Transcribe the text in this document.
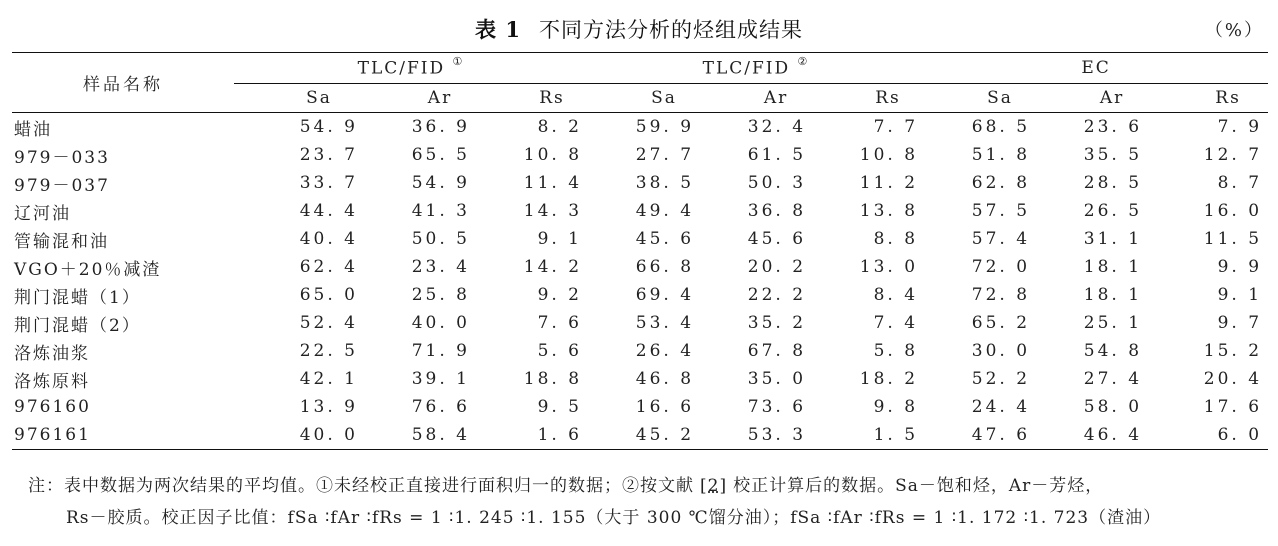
表 1 不同方法分析的烃组成结果	（%）
样品名称	TLC/FID ①			TLC/FID ②			EC		
	Sa	Ar	Rs	Sa	Ar	Rs	Sa	Ar	Rs
蜡油	54. 9	36. 9	8. 2	59. 9	32. 4	7. 7	68. 5	23. 6	7. 9
979－033	23. 7	65. 5	10. 8	27. 7	61. 5	10. 8	51. 8	35. 5	12. 7
979－037	33. 7	54. 9	11. 4	38. 5	50. 3	11. 2	62. 8	28. 5	8. 7
辽河油	44. 4	41. 3	14. 3	49. 4	36. 8	13. 8	57. 5	26. 5	16. 0
管输混和油	40. 4	50. 5	9. 1	45. 6	45. 6	8. 8	57. 4	31. 1	11. 5
VGO＋20％减渣	62. 4	23. 4	14. 2	66. 8	20. 2	13. 0	72. 0	18. 1	9. 9
荆门混蜡（1）	65. 0	25. 8	9. 2	69. 4	22. 2	8. 4	72. 8	18. 1	9. 1
荆门混蜡（2）	52. 4	40. 0	7. 6	53. 4	35. 2	7. 4	65. 2	25. 1	9. 7
洛炼油浆	22. 5	71. 9	5. 6	26. 4	67. 8	5. 8	30. 0	54. 8	15. 2
洛炼原料	42. 1	39. 1	18. 8	46. 8	35. 0	18. 2	52. 2	27. 4	20. 4
976160	13. 9	76. 6	9. 5	16. 6	73. 6	9. 8	24. 4	58. 0	17. 6
976161	40. 0	58. 4	1. 6	45. 2	53. 3	1. 5	47. 6	46. 4	6. 0
注：表中数据为两次结果的平均值。①未经校正直接进行面积归一的数据；②按文献 [2] 校正计算后的数据。Sa－饱和烃，Ar－芳烃，
Rs－胶质。校正因子比值：fSa ∶fAr ∶fRs = 1 ∶1. 245 ∶1. 155（大于 300 ℃馏分油）；fSa ∶fAr ∶fRs = 1 ∶1. 172 ∶1. 723（渣油）
